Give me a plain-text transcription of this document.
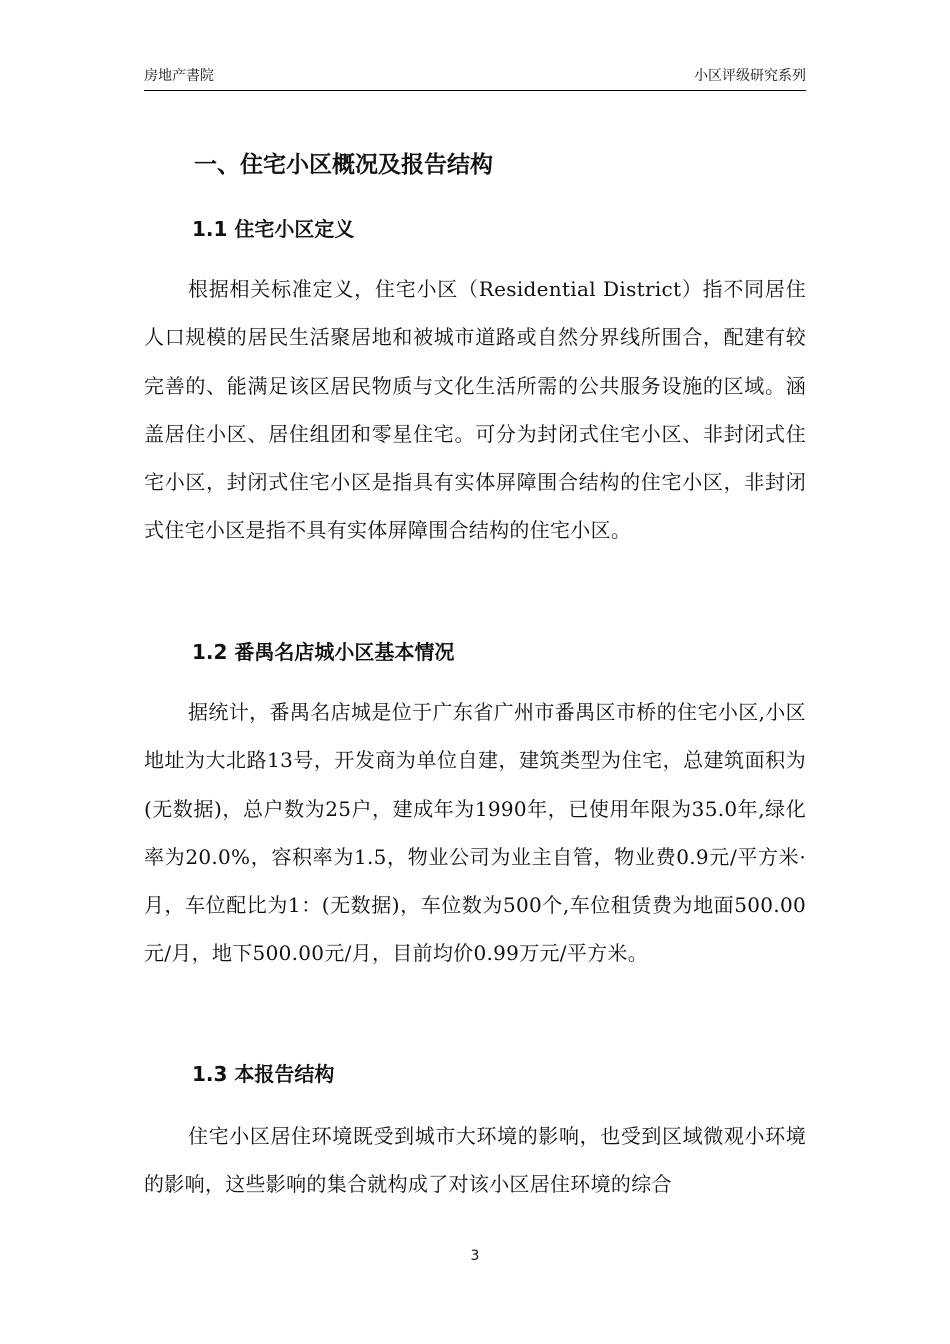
房地产書院	小区评级研究系列
一、住宅小区概况及报告结构
1.1 住宅小区定义

根据相关标准定义，住宅小区（Residential District）指不同居住人口规模的居民生活聚居地和被城市道路或自然分界线所围合，配建有较完善的、能满足该区居民物质与文化生活所需的公共服务设施的区域。涵盖居住小区、居住组团和零星住宅。可分为封闭式住宅小区、非封闭式住宅小区，封闭式住宅小区是指具有实体屏障围合结构的住宅小区，非封闭式住宅小区是指不具有实体屏障围合结构的住宅小区。

1.2 番禺名店城小区基本情况

据统计，番禺名店城是位于广东省广州市番禺区市桥的住宅小区,小区地址为大北路13号，开发商为单位自建，建筑类型为住宅，总建筑面积为(无数据)，总户数为25户，建成年为1990年，已使用年限为35.0年,绿化率为20.0%，容积率为1.5，物业公司为业主自管，物业费0.9元/平方米·月，车位配比为1：(无数据)，车位数为500个,车位租赁费为地面500.00元/月，地下500.00元/月，目前均价0.99万元/平方米。

1.3 本报告结构

住宅小区居住环境既受到城市大环境的影响，也受到区域微观小环境的影响，这些影响的集合就构成了对该小区居住环境的综合

3
